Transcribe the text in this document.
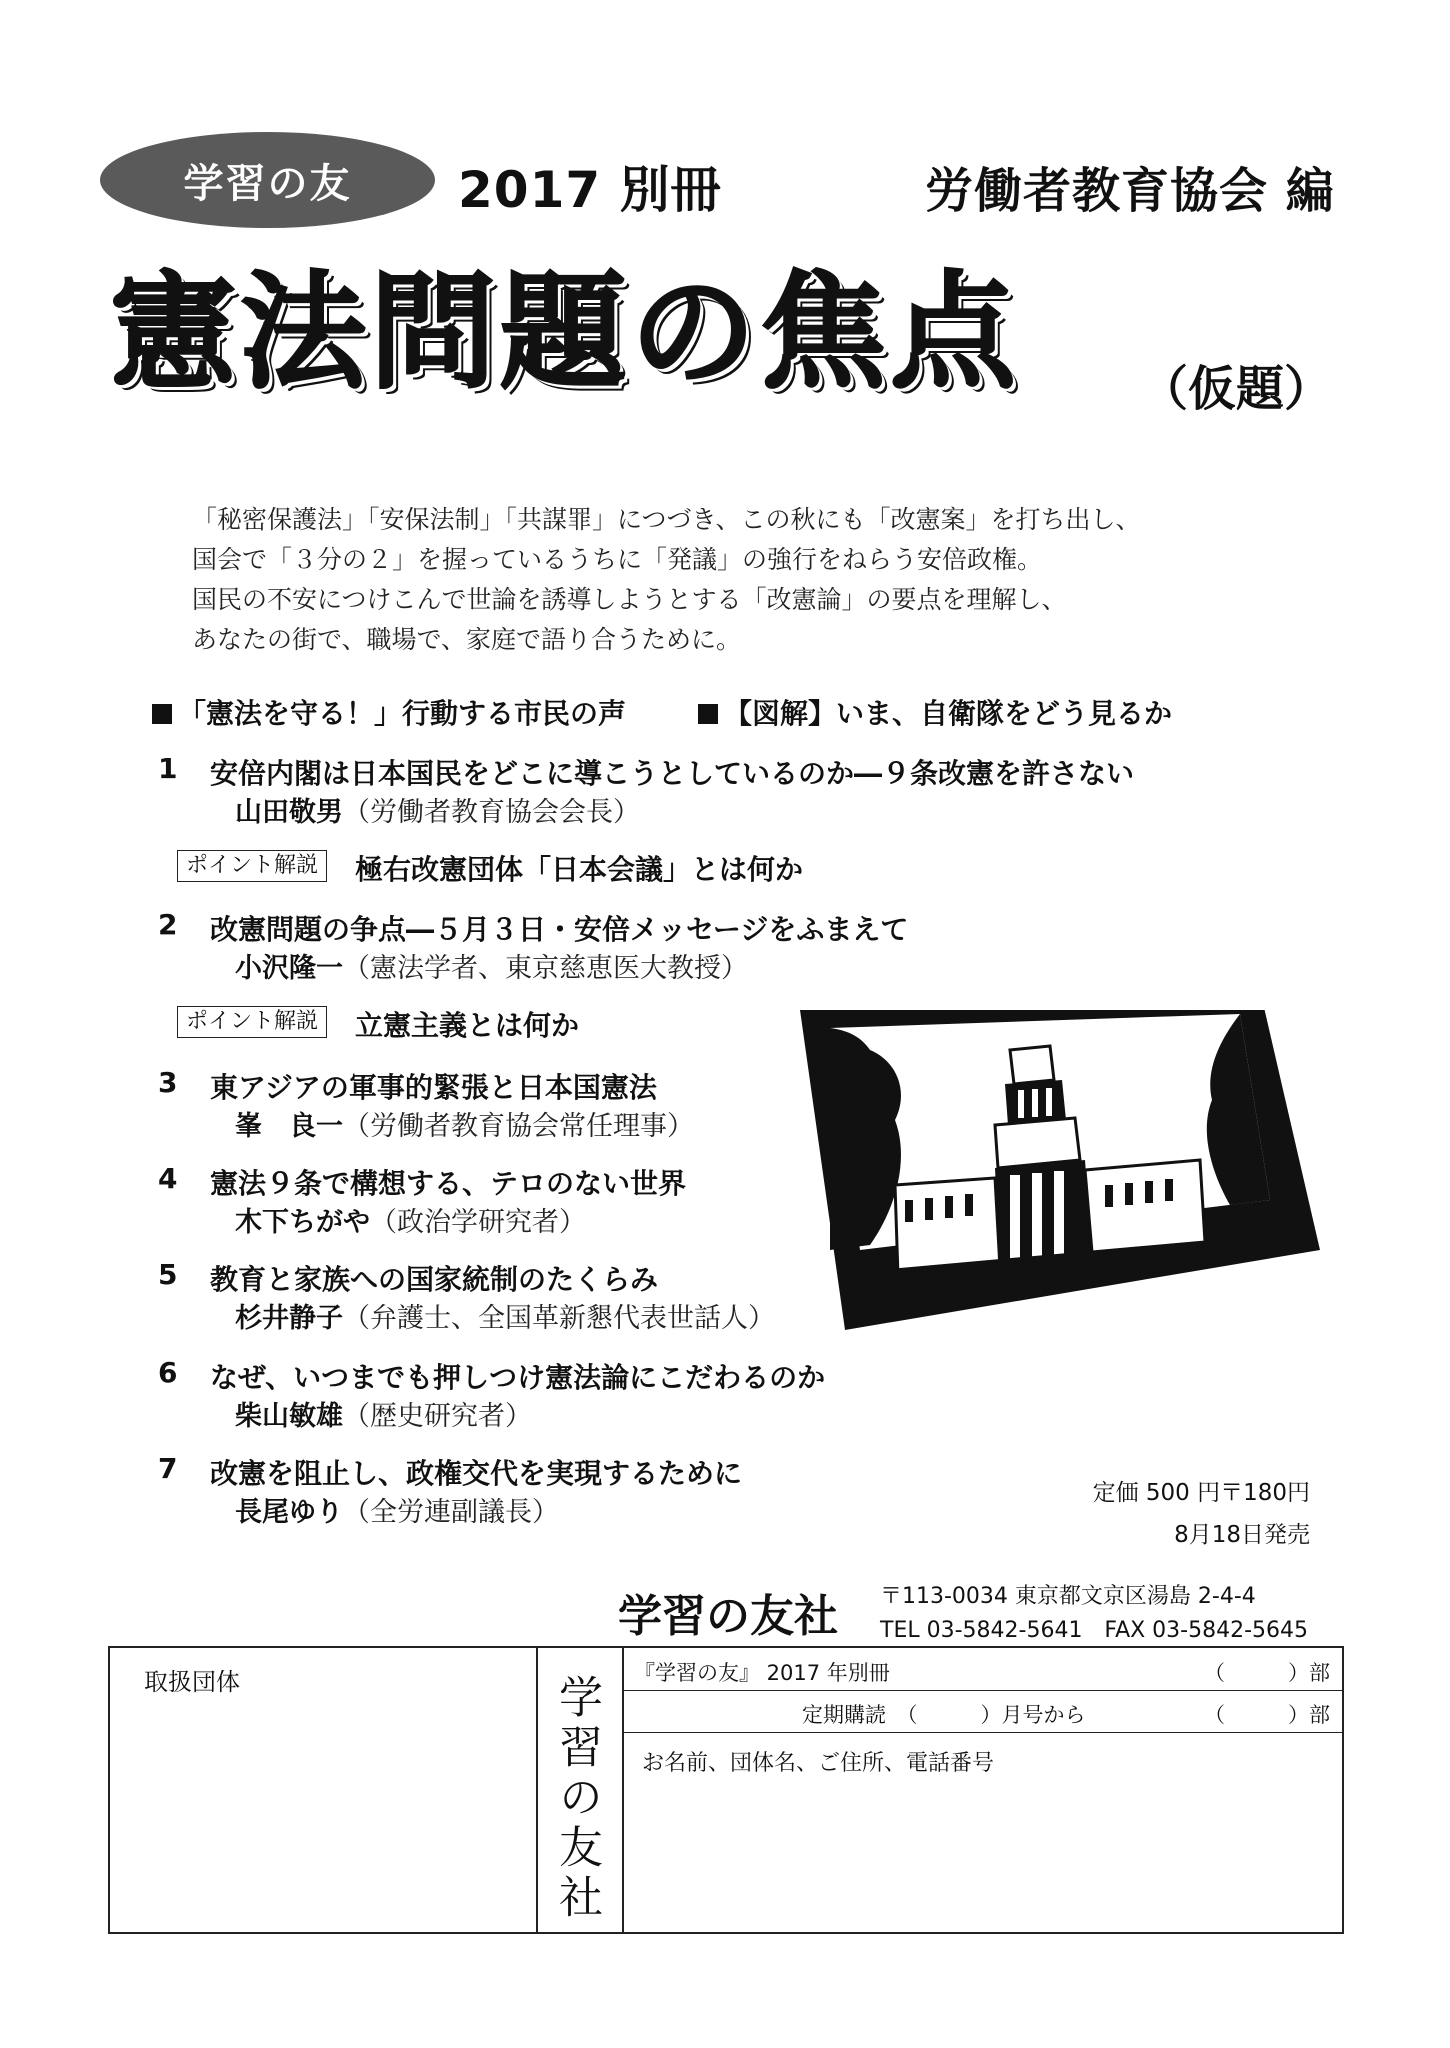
学習の友	2017 別冊	労働者教育協会 編
憲法問題の焦点	（仮題）
「秘密保護法」「安保法制」「共謀罪」につづき、この秋にも「改憲案」を打ち出し、
国会で「３分の２」を握っているうちに「発議」の強行をねらう安倍政権。
国民の不安につけこんで世論を誘導しようとする「改憲論」の要点を理解し、
あなたの街で、職場で、家庭で語り合うために。
「憲法を守る！」行動する市民の声	【図解】いま、自衛隊をどう見るか
1 安倍内閣は日本国民をどこに導こうとしているのか―９条改憲を許さない
山田敬男（労働者教育協会会長）
ポイント解説	極右改憲団体「日本会議」とは何か
2 改憲問題の争点―５月３日・安倍メッセージをふまえて
小沢隆一（憲法学者、東京慈恵医大教授）
ポイント解説	立憲主義とは何か
3 東アジアの軍事的緊張と日本国憲法
峯　良一（労働者教育協会常任理事）
4 憲法９条で構想する、テロのない世界
木下ちがや（政治学研究者）
5 教育と家族への国家統制のたくらみ
杉井静子（弁護士、全国革新懇代表世話人）
6 なぜ、いつまでも押しつけ憲法論にこだわるのか
柴山敏雄（歴史研究者）
7 改憲を阻止し、政権交代を実現するために
長尾ゆり（全労連副議長）
定価 500 円〒180円
8月18日発売
学習の友社 〒113-0034 東京都文京区湯島 2-4-4
TEL 03-5842-5641　FAX 03-5842-5645
取扱団体	学習の友社
『学習の友』 2017 年別冊	（　　　）部
定期購読　（　　　）月号から	（　　　）部
お名前、団体名、ご住所、電話番号
